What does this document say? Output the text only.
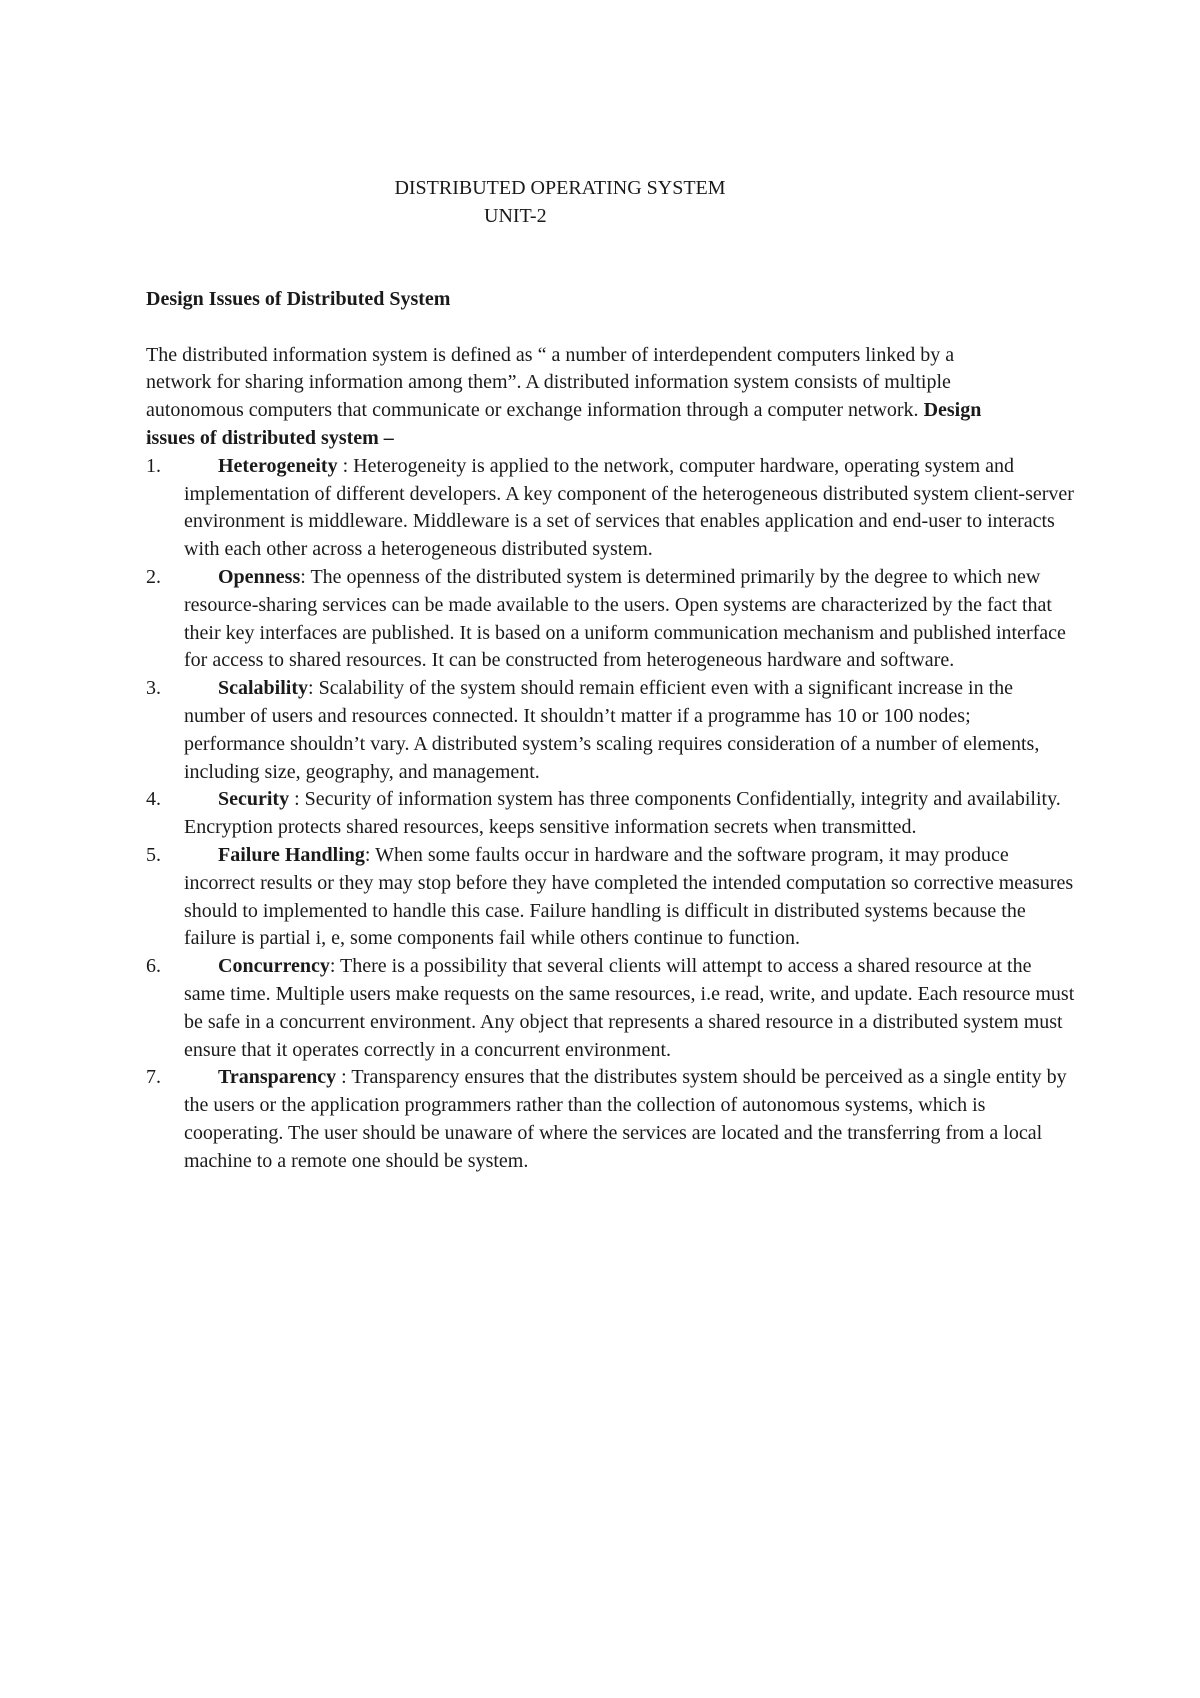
DISTRIBUTED OPERATING SYSTEM
UNIT-2

Design Issues of Distributed System

The distributed information system is defined as “ a number of interdependent computers linked by a network for sharing information among them”. A distributed information system consists of multiple autonomous computers that communicate or exchange information through a computer network. Design issues of distributed system –

1.	Heterogeneity : Heterogeneity is applied to the network, computer hardware, operating system and implementation of different developers. A key component of the heterogeneous distributed system client-server environment is middleware. Middleware is a set of services that enables application and end-user to interacts with each other across a heterogeneous distributed system.
2.	Openness: The openness of the distributed system is determined primarily by the degree to which new resource-sharing services can be made available to the users. Open systems are characterized by the fact that their key interfaces are published. It is based on a uniform communication mechanism and published interface for access to shared resources. It can be constructed from heterogeneous hardware and software.
3.	Scalability: Scalability of the system should remain efficient even with a significant increase in the number of users and resources connected. It shouldn’t matter if a programme has 10 or 100 nodes; performance shouldn’t vary. A distributed system’s scaling requires consideration of a number of elements, including size, geography, and management.
4.	Security : Security of information system has three components Confidentially, integrity and availability. Encryption protects shared resources, keeps sensitive information secrets when transmitted.
5.	Failure Handling: When some faults occur in hardware and the software program, it may produce incorrect results or they may stop before they have completed the intended computation so corrective measures should to implemented to handle this case. Failure handling is difficult in distributed systems because the failure is partial i, e, some components fail while others continue to function.
6.	Concurrency: There is a possibility that several clients will attempt to access a shared resource at the same time. Multiple users make requests on the same resources, i.e read, write, and update. Each resource must be safe in a concurrent environment. Any object that represents a shared resource in a distributed system must ensure that it operates correctly in a concurrent environment.
7.	Transparency : Transparency ensures that the distributes system should be perceived as a single entity by the users or the application programmers rather than the collection of autonomous systems, which is cooperating. The user should be unaware of where the services are located and the transferring from a local machine to a remote one should be system.
